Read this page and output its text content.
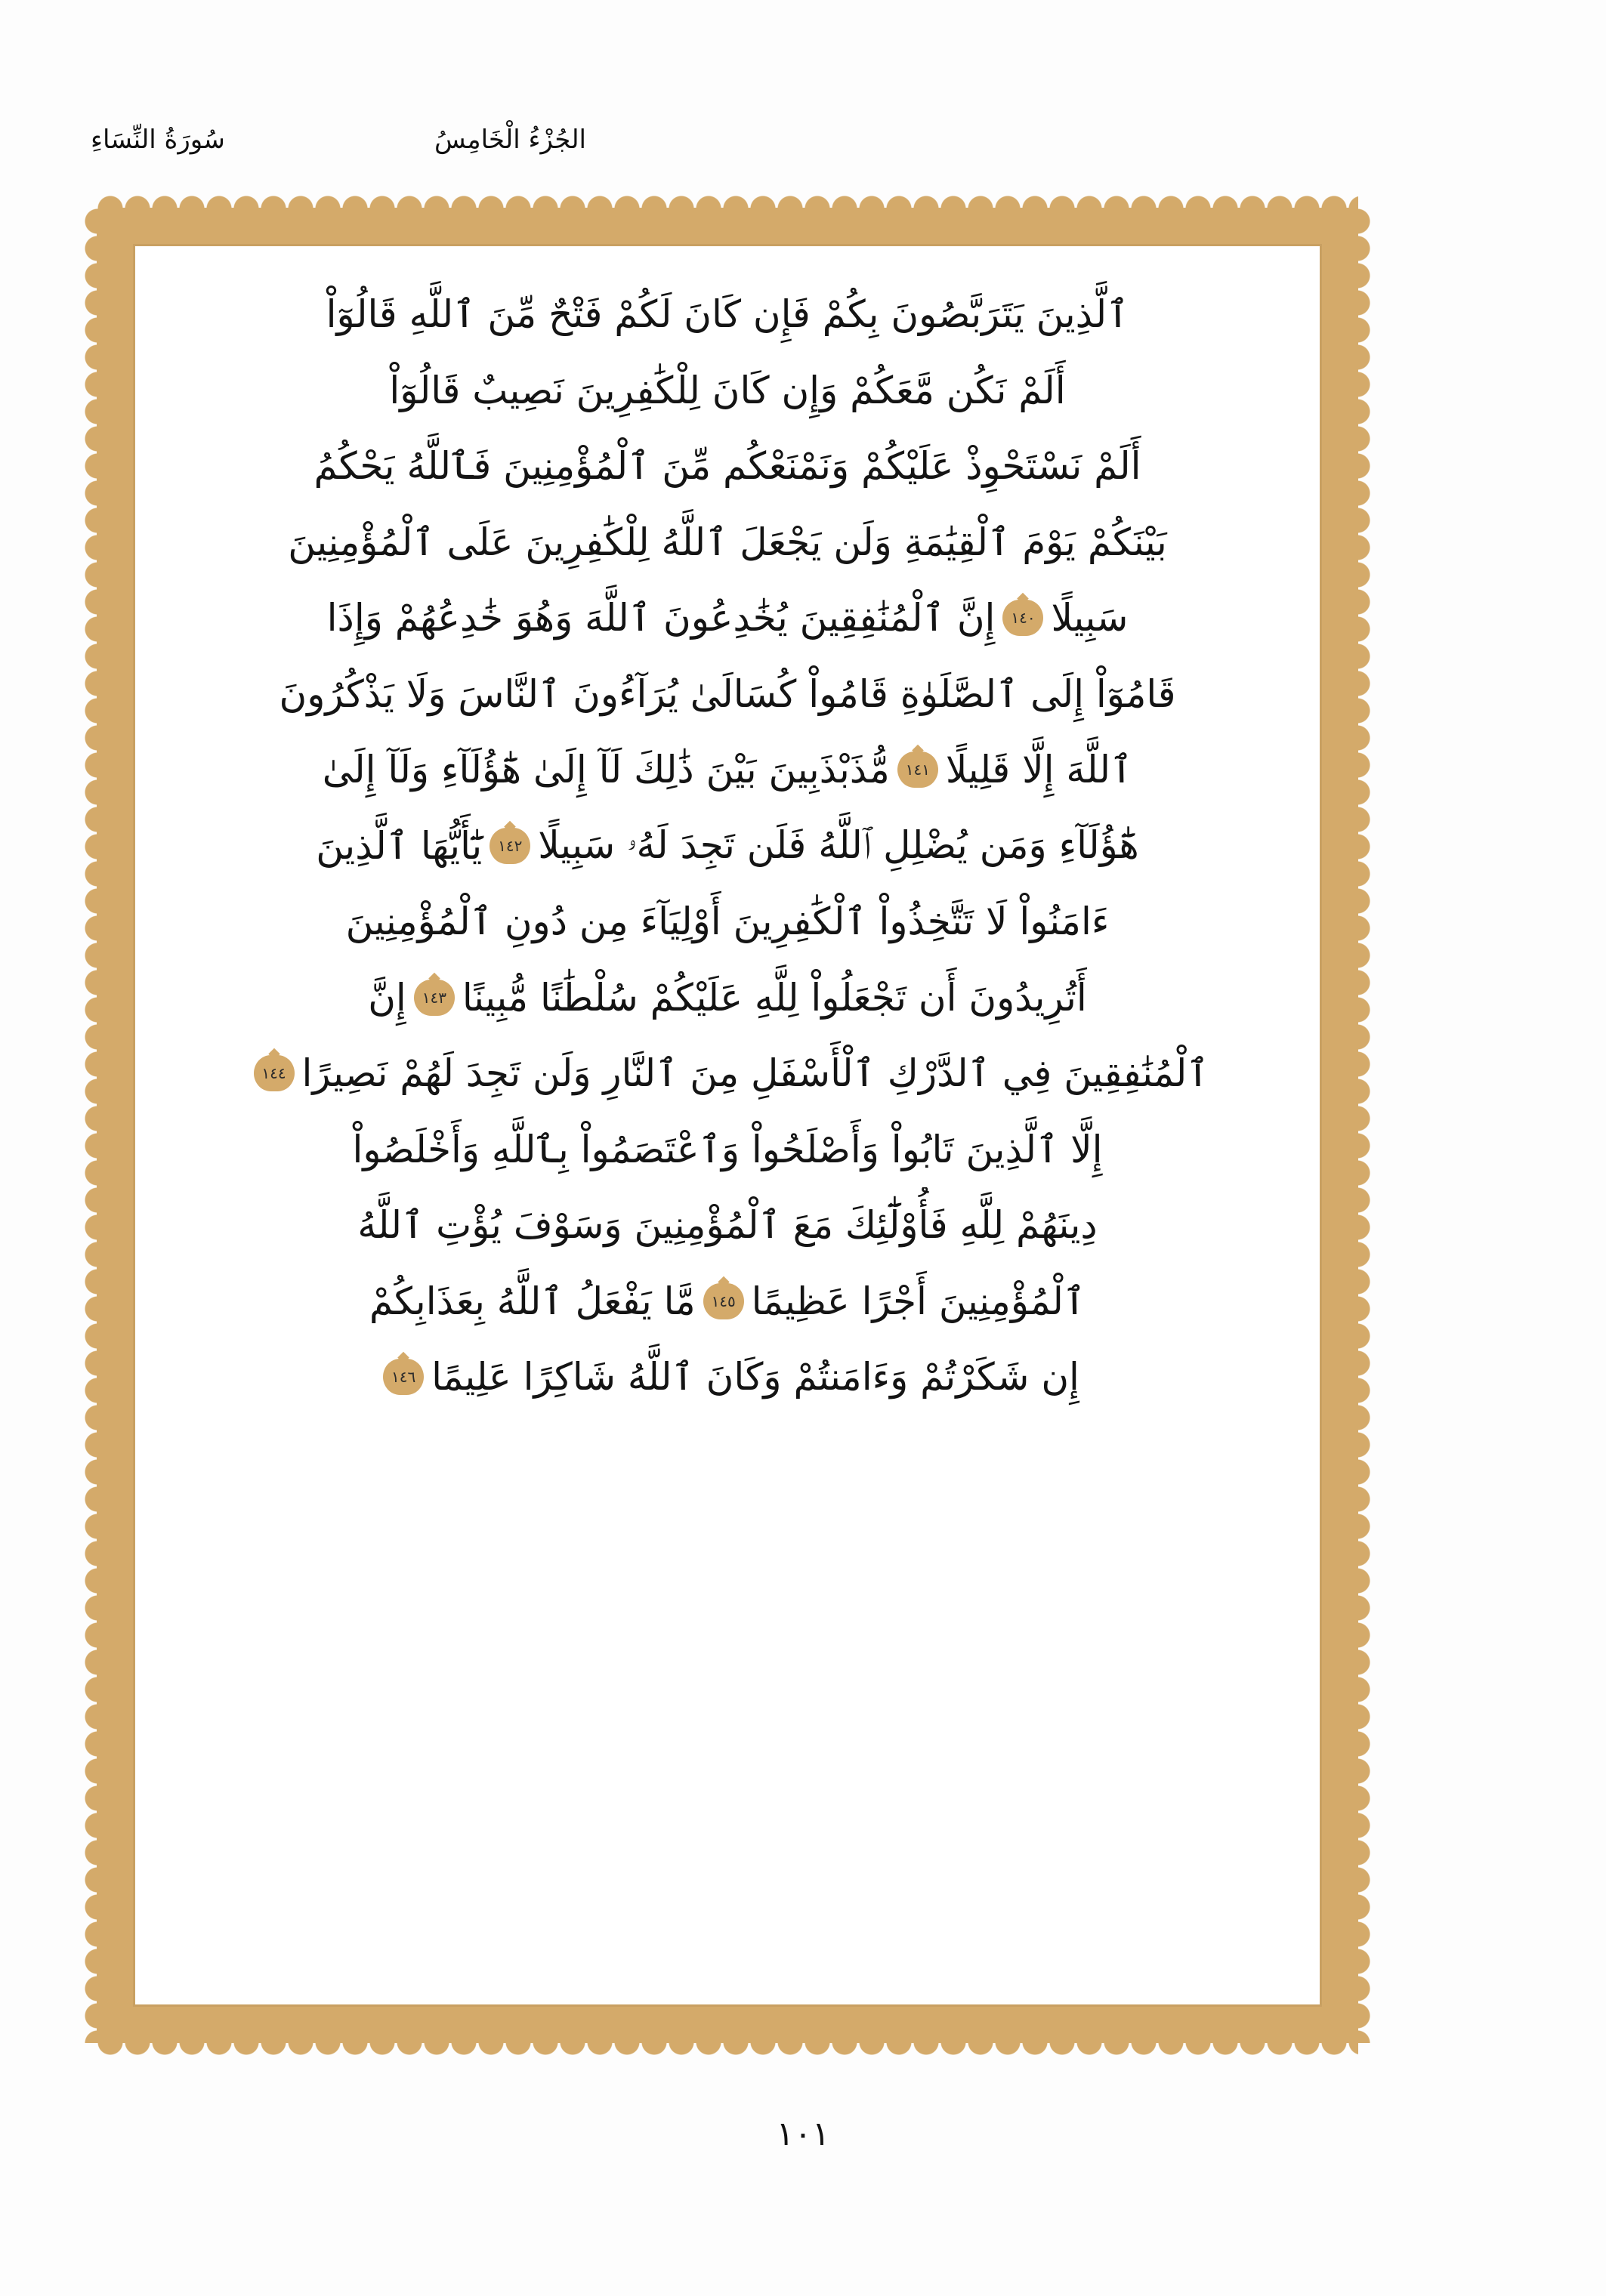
الجُزْءُ الْخَامِسُ
سُورَةُ النِّسَاءِ
ٱلَّذِينَ يَتَرَبَّصُونَ بِكُمْ فَإِن كَانَ لَكُمْ فَتْحٌ مِّنَ ٱللَّهِ قَالُوٓاْ
أَلَمْ نَكُن مَّعَكُمْ وَإِن كَانَ لِلْكَٰفِرِينَ نَصِيبٌ قَالُوٓاْ
أَلَمْ نَسْتَحْوِذْ عَلَيْكُمْ وَنَمْنَعْكُم مِّنَ ٱلْمُؤْمِنِينَ فَٱللَّهُ يَحْكُمُ
بَيْنَكُمْ يَوْمَ ٱلْقِيَٰمَةِ وَلَن يَجْعَلَ ٱللَّهُ لِلْكَٰفِرِينَ عَلَى ٱلْمُؤْمِنِينَ
سَبِيلًا
١٤٠
إِنَّ ٱلْمُنَٰفِقِينَ يُخَٰدِعُونَ ٱللَّهَ وَهُوَ خَٰدِعُهُمْ وَإِذَا
قَامُوٓاْ إِلَى ٱلصَّلَوٰةِ قَامُواْ كُسَالَىٰ يُرَآءُونَ ٱلنَّاسَ وَلَا يَذْكُرُونَ
ٱللَّهَ إِلَّا قَلِيلًا
١٤١
مُّذَبْذَبِينَ بَيْنَ ذَٰلِكَ لَآ إِلَىٰ هَٰٓؤُلَآءِ وَلَآ إِلَىٰ
هَٰٓؤُلَآءِ وَمَن يُضْلِلِ ٱللَّهُ فَلَن تَجِدَ لَهُۥ سَبِيلًا
١٤٢
يَٰٓأَيُّهَا ٱلَّذِينَ
ءَامَنُواْ لَا تَتَّخِذُواْ ٱلْكَٰفِرِينَ أَوْلِيَآءَ مِن دُونِ ٱلْمُؤْمِنِينَ
أَتُرِيدُونَ أَن تَجْعَلُواْ لِلَّهِ عَلَيْكُمْ سُلْطَٰنًا مُّبِينًا
١٤٣
إِنَّ
ٱلْمُنَٰفِقِينَ فِي ٱلدَّرْكِ ٱلْأَسْفَلِ مِنَ ٱلنَّارِ وَلَن تَجِدَ لَهُمْ نَصِيرًا
١٤٤
إِلَّا ٱلَّذِينَ تَابُواْ وَأَصْلَحُواْ وَٱعْتَصَمُواْ بِٱللَّهِ وَأَخْلَصُواْ
دِينَهُمْ لِلَّهِ فَأُوْلَٰٓئِكَ مَعَ ٱلْمُؤْمِنِينَ وَسَوْفَ يُؤْتِ ٱللَّهُ
ٱلْمُؤْمِنِينَ أَجْرًا عَظِيمًا
١٤٥
مَّا يَفْعَلُ ٱللَّهُ بِعَذَابِكُمْ
إِن شَكَرْتُمْ وَءَامَنتُمْ وَكَانَ ٱللَّهُ شَاكِرًا عَلِيمًا
١٤٦
١٠١
